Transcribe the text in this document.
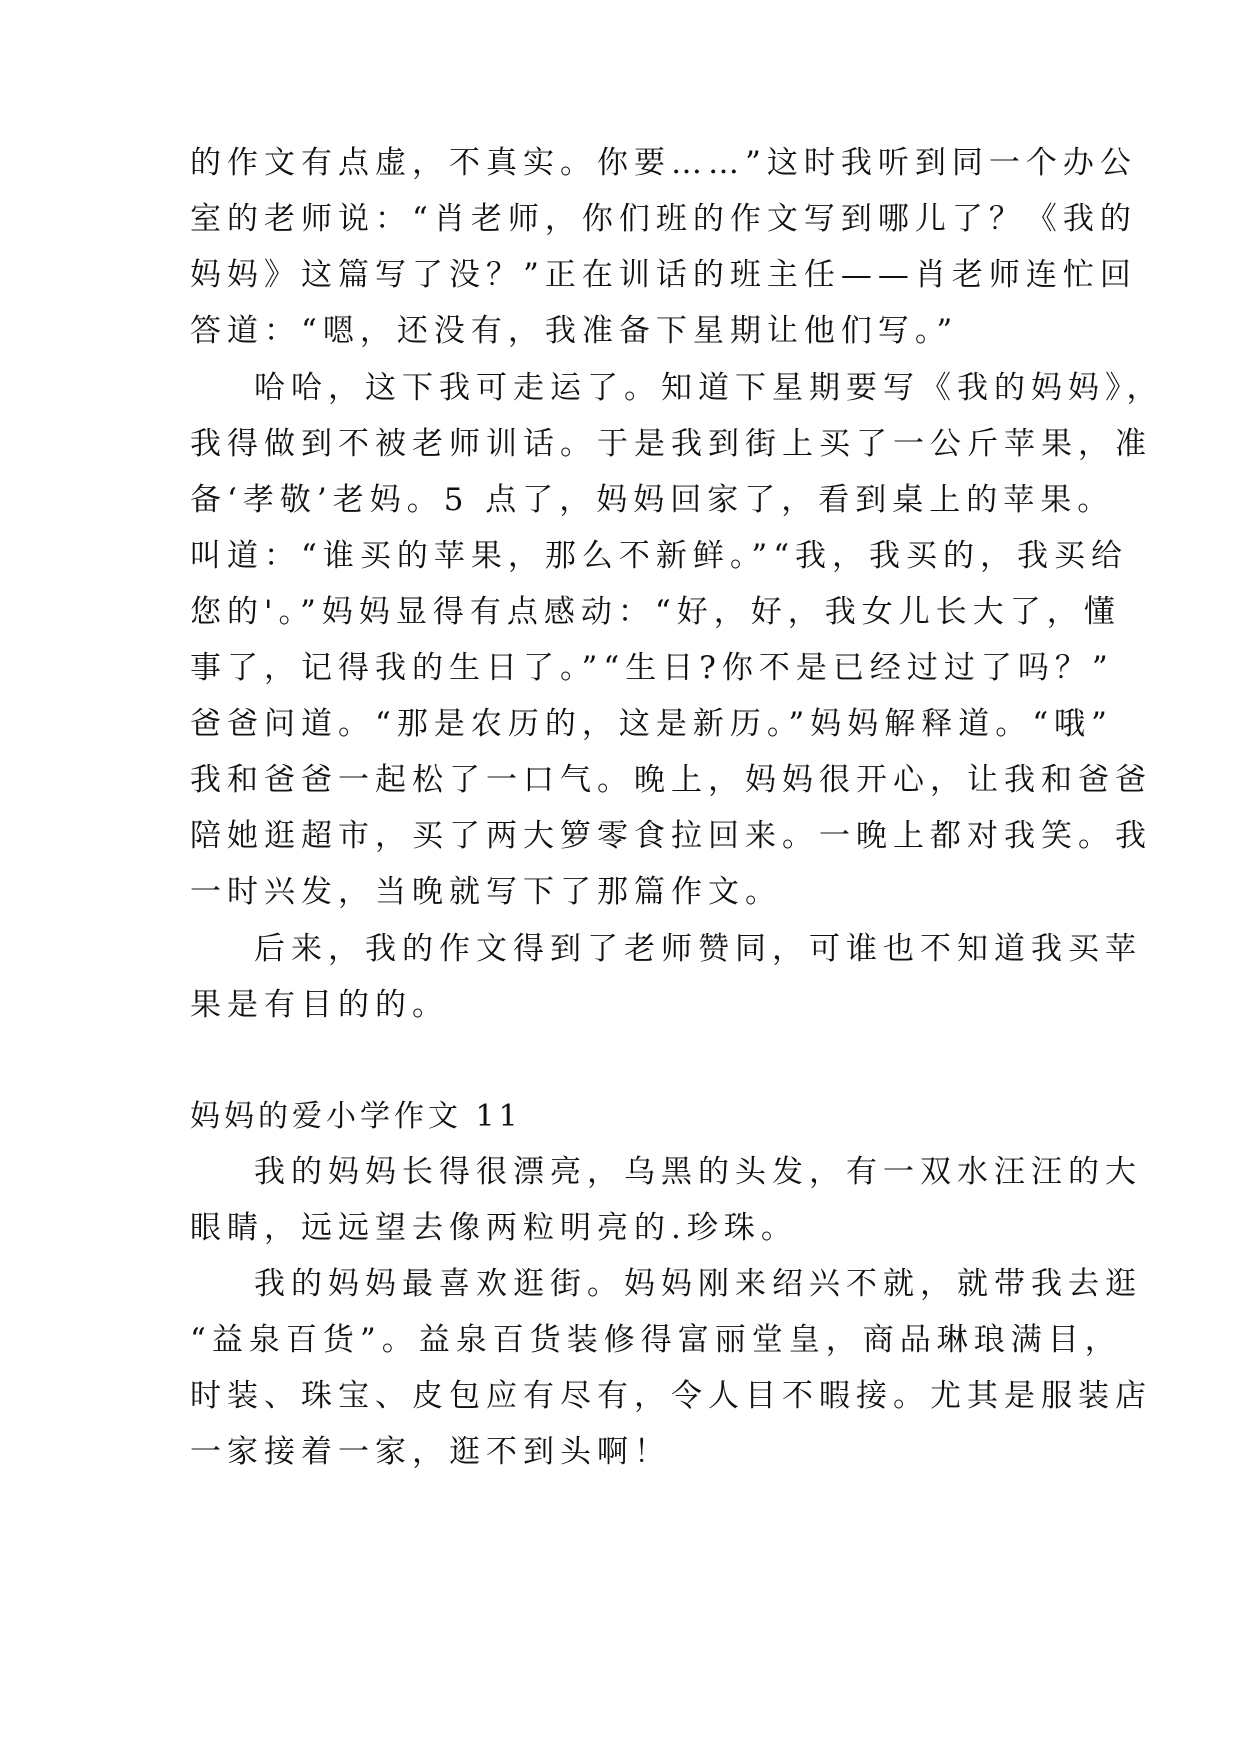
的作文有点虚，不真实。你要……”这时我听到同一个办公
室的老师说：“肖老师，你们班的作文写到哪儿了？《我的
妈妈》这篇写了没？”正在训话的班主任——肖老师连忙回
答道：“嗯，还没有，我准备下星期让他们写。”
哈哈，这下我可走运了。知道下星期要写《我的妈妈》，
我得做到不被老师训话。于是我到街上买了一公斤苹果，准
备‘孝敬’老妈。5 点了，妈妈回家了，看到桌上的苹果。
叫道：“谁买的苹果，那么不新鲜。”“我，我买的，我买给
您的'。”妈妈显得有点感动：“好，好，我女儿长大了，懂
事了，记得我的生日了。”“生日?你不是已经过过了吗？”
爸爸问道。“那是农历的，这是新历。”妈妈解释道。“哦”
我和爸爸一起松了一口气。晚上，妈妈很开心，让我和爸爸
陪她逛超市，买了两大箩零食拉回来。一晚上都对我笑。我
一时兴发，当晚就写下了那篇作文。
后来，我的作文得到了老师赞同，可谁也不知道我买苹
果是有目的的。
妈妈的爱小学作文 11
我的妈妈长得很漂亮，乌黑的头发，有一双水汪汪的大
眼睛，远远望去像两粒明亮的.珍珠。
我的妈妈最喜欢逛街。妈妈刚来绍兴不就，就带我去逛
“益泉百货”。益泉百货装修得富丽堂皇，商品琳琅满目，
时装、珠宝、皮包应有尽有，令人目不暇接。尤其是服装店
一家接着一家，逛不到头啊！
